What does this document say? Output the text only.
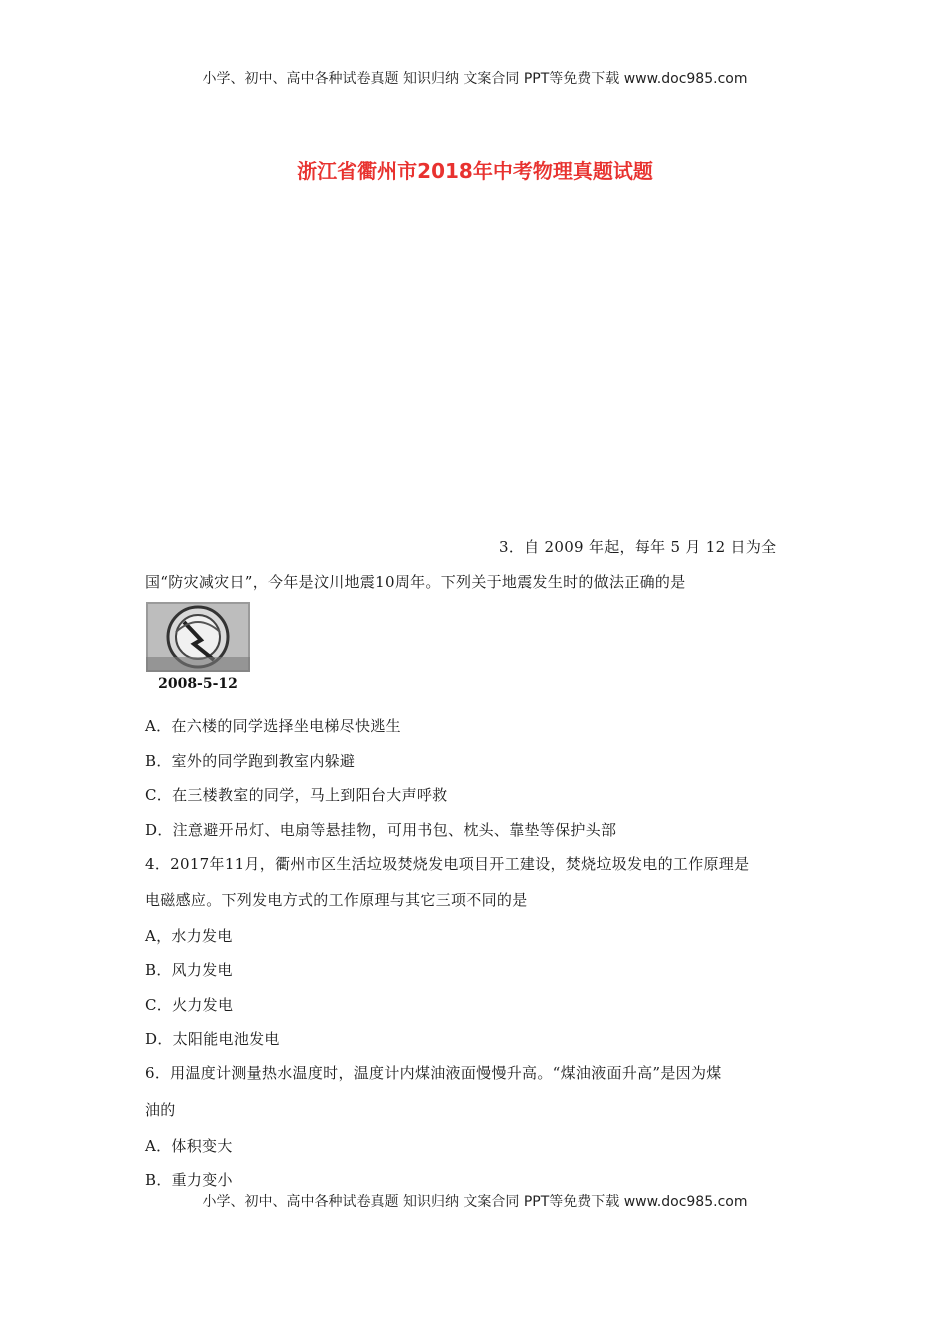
小学、初中、高中各种试卷真题 知识归纳 文案合同 PPT等免费下载 www.doc985.com
浙江省衢州市2018年中考物理真题试题
3．自 2009 年起，每年 5 月 12 日为全
国“防灾减灾日”，今年是汶川地震10周年。下列关于地震发生时的做法正确的是
2008-5-12
A．在六楼的同学选择坐电梯尽快逃生
B．室外的同学跑到教室内躲避
C．在三楼教室的同学，马上到阳台大声呼救
D．注意避开吊灯、电扇等悬挂物，可用书包、枕头、靠垫等保护头部
4．2017年11月，衢州市区生活垃圾焚烧发电项目开工建设，焚烧垃圾发电的工作原理是
电磁感应。下列发电方式的工作原理与其它三项不同的是
A，水力发电
B．风力发电
C．火力发电
D．太阳能电池发电
6．用温度计测量热水温度时，温度计内煤油液面慢慢升高。“煤油液面升高”是因为煤
油的
A．体积变大
B．重力变小
小学、初中、高中各种试卷真题 知识归纳 文案合同 PPT等免费下载 www.doc985.com
